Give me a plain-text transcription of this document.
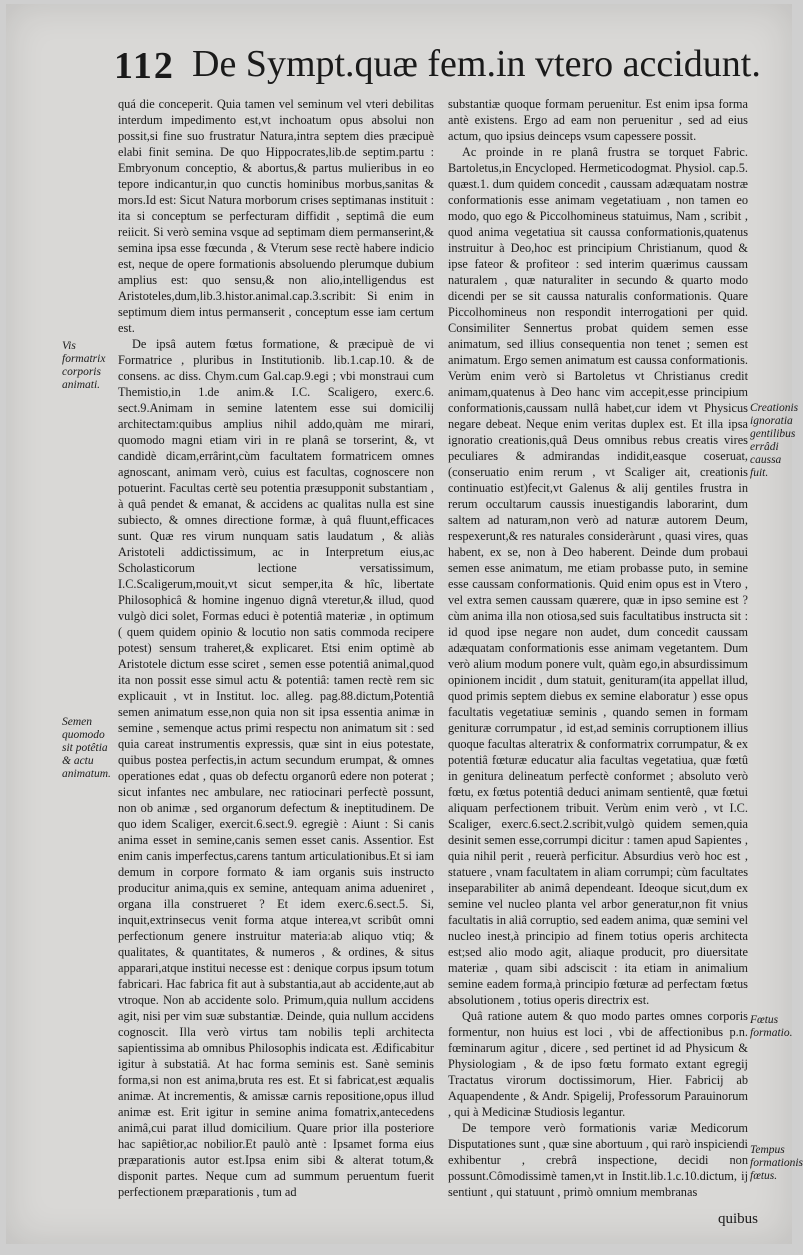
112 De Sympt.quæ fem.in vtero accidunt.

quá die conceperit. Quia tamen vel seminum vel vteri debilitas interdum impedimento est,vt inchoatum opus absolui non possit,si fine suo frustratur Natura,intra septem dies præcipuè elabi finit semina. De quo Hippocrates,lib.de septim.partu : Embryonum conceptio, & abortus,& partus mulieribus in eo tepore indicantur,in quo cunctis hominibus morbus,sanitas & mors.Id est: Sicut Natura morborum crises septimanas instituit : ita si conceptum se perfecturam diffidit , septimâ die eum reiicit. Si verò semina vsque ad septimam diem permanserint,& semina ipsa esse fœcunda , & Vterum sese rectè habere indicio est, neque de opere formationis absoluendo plerumque dubium amplius est: quo sensu,& non alio,intelligendus est Aristoteles,dum,lib.3.histor.animal.cap.3.scribit: Si enim in septimum diem intus permanserit , conceptum esse iam certum est.

De ipsâ autem fœtus formatione, & præcipuè de vi Formatrice , pluribus in Institutionib. lib.1.cap.10. & de consens. ac diss. Chym.cum Gal.cap.9.egi ; vbi monstraui cum Themistio,in 1.de anim.& I.C. Scaligero, exerc.6. sect.9.Animam in semine latentem esse sui domicilij architectam:quibus amplius nihil addo,quàm me mirari, quomodo magni etiam viri in re planâ se torserint, &, vt candidè dicam,errârint,cùm facultatem formatricem omnes agnoscant, animam verò, cuius est facultas, cognoscere non potuerint. Facultas certè seu potentia præsupponit substantiam , à quâ pendet & emanat, & accidens ac qualitas nulla est sine subiecto, & omnes directione formæ, à quâ fluunt,efficaces sunt. Quæ res virum nunquam satis laudatum , & aliàs Aristoteli addictissimum, ac in Interpretum eius,ac Scholasticorum lectione versatissimum, I.C.Scaligerum,mouit,vt sicut semper,ita & hîc, libertate Philosophicâ & homine ingenuo dignâ vteretur,& illud, quod vulgò dici solet, Formas educi è potentiâ materiæ , in optimum ( quem quidem opinio & locutio non satis commoda recipere potest) sensum traheret,& explicaret. Etsi enim optimè ab Aristotele dictum esse sciret , semen esse potentiâ animal,quod ita non possit esse simul actu & potentiâ: tamen rectè rem sic explicauit , vt in Institut. loc. alleg. pag.88.dictum,Potentiâ semen animatum esse,non quia non sit ipsa essentia animæ in semine , semenque actus primi respectu non animatum sit : sed quia careat instrumentis expressis, quæ sint in eius potestate, quibus postea perfectis,in actum secundum erumpat, & omnes operationes edat , quas ob defectu organorû edere non poterat ; sicut infantes nec ambulare, nec ratiocinari perfectè possunt, non ob animæ , sed organorum defectum & ineptitudinem. De quo idem Scaliger, exercit.6.sect.9. egregiè : Aiunt : Si canis anima esset in semine,canis semen esset canis. Assentior. Est enim canis imperfectus,carens tantum articulationibus.Et si iam demum in corpore formato & iam organis suis instructo producitur anima,quis ex semine, antequam anima adueniret , organa illa construeret ? Et idem exerc.6.sect.5. Si, inquit,extrinsecus venit forma atque interea,vt scribût omni perfectionum genere instruitur materia:ab aliquo vtiq; & qualitates, & quantitates, & numeros , & ordines, & situs apparari,atque institui necesse est : denique corpus ipsum totum fabricari. Hac fabrica fit aut à substantia,aut ab accidente,aut ab vtroque. Non ab accidente solo. Primum,quia nullum accidens agit, nisi per vim suæ substantiæ. Deinde, quia nullum accidens cognoscit. Illa verò virtus tam nobilis tepli architecta sapientissima ab omnibus Philosophis indicata est. Ædificabitur igitur à substatiâ. At hac forma seminis est. Sanè seminis forma,si non est anima,bruta res est. Et si fabricat,est æqualis animæ. At incrementis, & amissæ carnis repositione,opus illud animæ est. Erit igitur in semine anima fomatrix,antecedens animâ,cui parat illud domicilium. Quare prior illa posteriore hac sapiêtior,ac nobilior.Et paulò antè : Ipsamet forma eius præparationis autor est.Ipsa enim sibi & alterat totum,& disponit partes. Neque cum ad summum peruentum fuerit perfectionem præparationis , tum ad

substantiæ quoque formam peruenitur. Est enim ipsa forma antè existens. Ergo ad eam non peruenitur , sed ad eius actum, quo ipsius deinceps vsum capessere possit.

Ac proinde in re planâ frustra se torquet Fabric. Bartoletus,in Encycloped. Hermeticodogmat. Physiol. cap.5. quæst.1. dum quidem concedit , caussam adæquatam nostræ conformationis esse animam vegetatiuam , non tamen eo modo, quo ego & Piccolhomineus statuimus, Nam , scribit , quod anima vegetatiua sit caussa conformationis,quatenus instruitur à Deo,hoc est principium Christianum, quod & ipse fateor & profiteor : sed interim quærimus caussam naturalem , quæ naturaliter in secundo & quarto modo dicendi per se sit caussa naturalis conformationis. Quare Piccolhomineus non respondit interrogationi per quid. Consimiliter Sennertus probat quidem semen esse animatum, sed illius consequentia non tenet ; semen est animatum. Ergo semen animatum est caussa conformationis. Verùm enim verò si Bartoletus vt Christianus credit animam,quatenus à Deo hanc vim accepit,esse principium conformationis,caussam nullâ habet,cur idem vt Physicus negare debeat. Neque enim veritas duplex est. Et illa ipsa ignoratio creationis,quâ Deus omnibus rebus creatis vires peculiares & admirandas indidit,easque coseruat, (conseruatio enim rerum , vt Scaliger ait, creationis continuatio est)fecit,vt Galenus & alij gentiles frustra in rerum occultarum caussis inuestigandis laborarint, dum saltem ad naturam,non verò ad naturæ autorem Deum, respexerunt,& res naturales consideràrunt , quasi vires, quas habent, ex se, non à Deo haberent. Deinde dum probaui semen esse animatum, me etiam probasse puto, in semine esse caussam conformationis. Quid enim opus est in Vtero , vel extra semen caussam quærere, quæ in ipso semine est ? cùm anima illa non otiosa,sed suis facultatibus instructa sit : id quod ipse negare non audet, dum concedit caussam adæquatam conformationis esse animam vegetantem. Dum verò alium modum ponere vult, quàm ego,in absurdissimum opinionem incidit , dum statuit, genituram(ita appellat illud, quod primis septem diebus ex semine elaboratur ) esse opus facultatis vegetatiuæ seminis , quando semen in formam genituræ corrumpatur , id est,ad seminis corruptionem illius quoque facultas alteratrix & conformatrix corrumpatur, & ex potentiâ fœturæ educatur alia facultas vegetatiua, quæ fœtû in genitura delineatum perfectè conformet ; absoluto verò fœtu, ex fœtus potentiâ deduci animam sentientê, quæ fœtui aliquam perfectionem tribuit. Verùm enim verò , vt I.C. Scaliger, exerc.6.sect.2.scribit,vulgò quidem semen,quia desinit semen esse,corrumpi dicitur : tamen apud Sapientes , quia nihil perit , reuerà perficitur. Absurdius verò hoc est , statuere , vnam facultatem in aliam corrumpi; cùm facultates inseparabiliter ab animâ dependeant. Ideoque sicut,dum ex semine vel nucleo planta vel arbor generatur,non fit vnius facultatis in aliâ corruptio, sed eadem anima, quæ semini vel nucleo inest,à principio ad finem totius operis architecta est;sed alio modo agit, aliaque producit, pro diuersitate materiæ , quam sibi adsciscit : ita etiam in animalium semine eadem forma,à principio fœturæ ad perfectam fœtus absolutionem , totius operis directrix est.

Quâ ratione autem & quo modo partes omnes corporis formentur, non huius est loci , vbi de affectionibus p.n. fœminarum agitur , dicere , sed pertinet id ad Physicum & Physiologiam , & de ipso fœtu formato extant egregij Tractatus virorum doctissimorum, Hier. Fabricij ab Aquapendente , & Andr. Spigelij, Professorum Parauinorum , qui à Medicinæ Studiosis legantur.

De tempore verò formationis variæ Medicorum Disputationes sunt , quæ sine abortuum , qui rarò inspiciendi exhibentur , crebrâ inspectione, decidi non possunt.Cômodissimè tamen,vt in Instit.lib.1.c.10.dictum, ij sentiunt , qui statuunt , primò omnium membranas

Vis formatrix corporis animati.
Semen quomodo sit potêtia & actu animatum.
Creationis ignoratia gentilibus errâdi caussa fuit.
Fœtus formatio.
Tempus formationis fœtus.
quibus
